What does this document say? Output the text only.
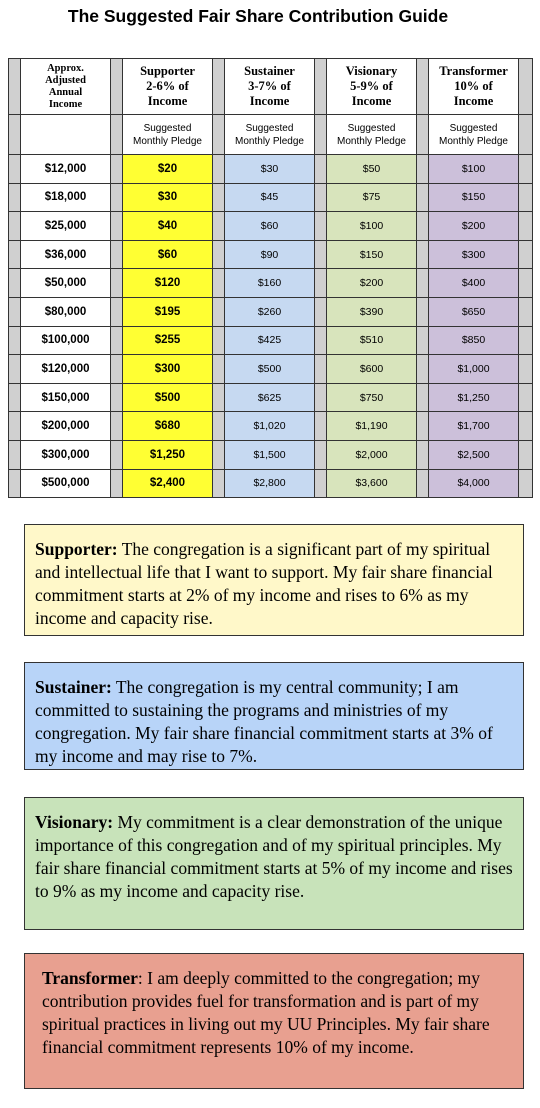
The Suggested Fair Share Contribution Guide
	Approx.
Adjusted
Annual
Income		Supporter
2-6% of
Income		Sustainer
3-7% of
Income		Visionary
5-9% of
Income		Transformer
10% of
Income	
			Suggested
Monthly Pledge		Suggested
Monthly Pledge		Suggested
Monthly Pledge		Suggested
Monthly Pledge	
	$12,000		$20		$30		$50		$100	
	$18,000		$30		$45		$75		$150	
	$25,000		$40		$60		$100		$200	
	$36,000		$60		$90		$150		$300	
	$50,000		$120		$160		$200		$400	
	$80,000		$195		$260		$390		$650	
	$100,000		$255		$425		$510		$850	
	$120,000		$300		$500		$600		$1,000	
	$150,000		$500		$625		$750		$1,250	
	$200,000		$680		$1,020		$1,190		$1,700	
	$300,000		$1,250		$1,500		$2,000		$2,500	
	$500,000		$2,400		$2,800		$3,600		$4,000	
Supporter: The congregation is a significant part of my spiritual and intellectual life that I want to support. My fair share financial commitment starts at 2% of my income and rises to 6% as my income and capacity rise.
Sustainer: The congregation is my central community; I am committed to sustaining the programs and ministries of my congregation. My fair share financial commitment starts at 3% of my income and may rise to 7%.
Visionary: My commitment is a clear demonstration of the unique importance of this congregation and of my spiritual principles. My fair share financial commitment starts at 5% of my income and rises to 9% as my income and capacity rise.
Transformer: I am deeply committed to the congregation; my contribution provides fuel for transformation and is part of my spiritual practices in living out my UU Principles. My fair share financial commitment represents 10% of my income.
